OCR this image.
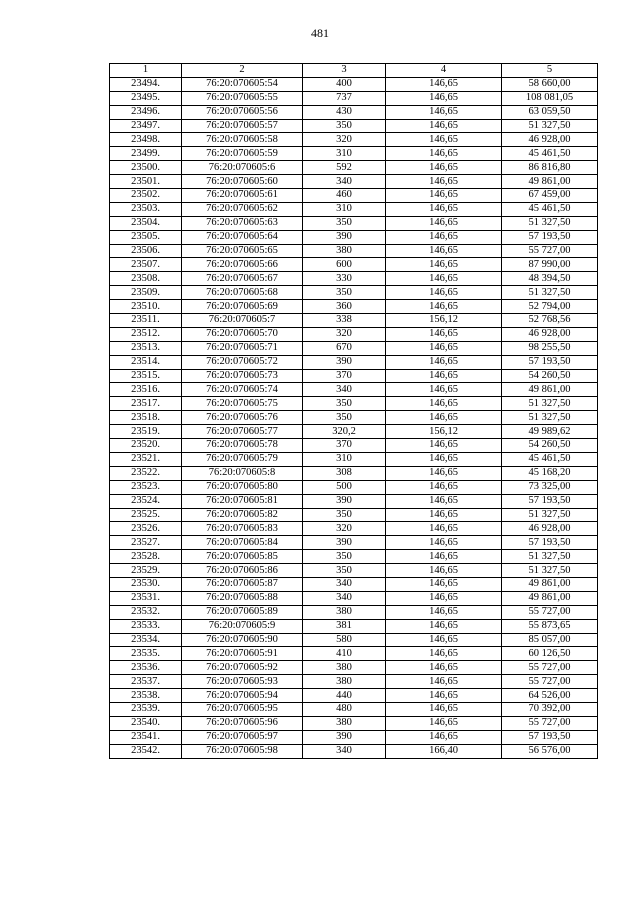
481
1	2	3	4	5
23494.	76:20:070605:54	400	146,65	58 660,00
23495.	76:20:070605:55	737	146,65	108 081,05
23496.	76:20:070605:56	430	146,65	63 059,50
23497.	76:20:070605:57	350	146,65	51 327,50
23498.	76:20:070605:58	320	146,65	46 928,00
23499.	76:20:070605:59	310	146,65	45 461,50
23500.	76:20:070605:6	592	146,65	86 816,80
23501.	76:20:070605:60	340	146,65	49 861,00
23502.	76:20:070605:61	460	146,65	67 459,00
23503.	76:20:070605:62	310	146,65	45 461,50
23504.	76:20:070605:63	350	146,65	51 327,50
23505.	76:20:070605:64	390	146,65	57 193,50
23506.	76:20:070605:65	380	146,65	55 727,00
23507.	76:20:070605:66	600	146,65	87 990,00
23508.	76:20:070605:67	330	146,65	48 394,50
23509.	76:20:070605:68	350	146,65	51 327,50
23510.	76:20:070605:69	360	146,65	52 794,00
23511.	76:20:070605:7	338	156,12	52 768,56
23512.	76:20:070605:70	320	146,65	46 928,00
23513.	76:20:070605:71	670	146,65	98 255,50
23514.	76:20:070605:72	390	146,65	57 193,50
23515.	76:20:070605:73	370	146,65	54 260,50
23516.	76:20:070605:74	340	146,65	49 861,00
23517.	76:20:070605:75	350	146,65	51 327,50
23518.	76:20:070605:76	350	146,65	51 327,50
23519.	76:20:070605:77	320,2	156,12	49 989,62
23520.	76:20:070605:78	370	146,65	54 260,50
23521.	76:20:070605:79	310	146,65	45 461,50
23522.	76:20:070605:8	308	146,65	45 168,20
23523.	76:20:070605:80	500	146,65	73 325,00
23524.	76:20:070605:81	390	146,65	57 193,50
23525.	76:20:070605:82	350	146,65	51 327,50
23526.	76:20:070605:83	320	146,65	46 928,00
23527.	76:20:070605:84	390	146,65	57 193,50
23528.	76:20:070605:85	350	146,65	51 327,50
23529.	76:20:070605:86	350	146,65	51 327,50
23530.	76:20:070605:87	340	146,65	49 861,00
23531.	76:20:070605:88	340	146,65	49 861,00
23532.	76:20:070605:89	380	146,65	55 727,00
23533.	76:20:070605:9	381	146,65	55 873,65
23534.	76:20:070605:90	580	146,65	85 057,00
23535.	76:20:070605:91	410	146,65	60 126,50
23536.	76:20:070605:92	380	146,65	55 727,00
23537.	76:20:070605:93	380	146,65	55 727,00
23538.	76:20:070605:94	440	146,65	64 526,00
23539.	76:20:070605:95	480	146,65	70 392,00
23540.	76:20:070605:96	380	146,65	55 727,00
23541.	76:20:070605:97	390	146,65	57 193,50
23542.	76:20:070605:98	340	166,40	56 576,00
